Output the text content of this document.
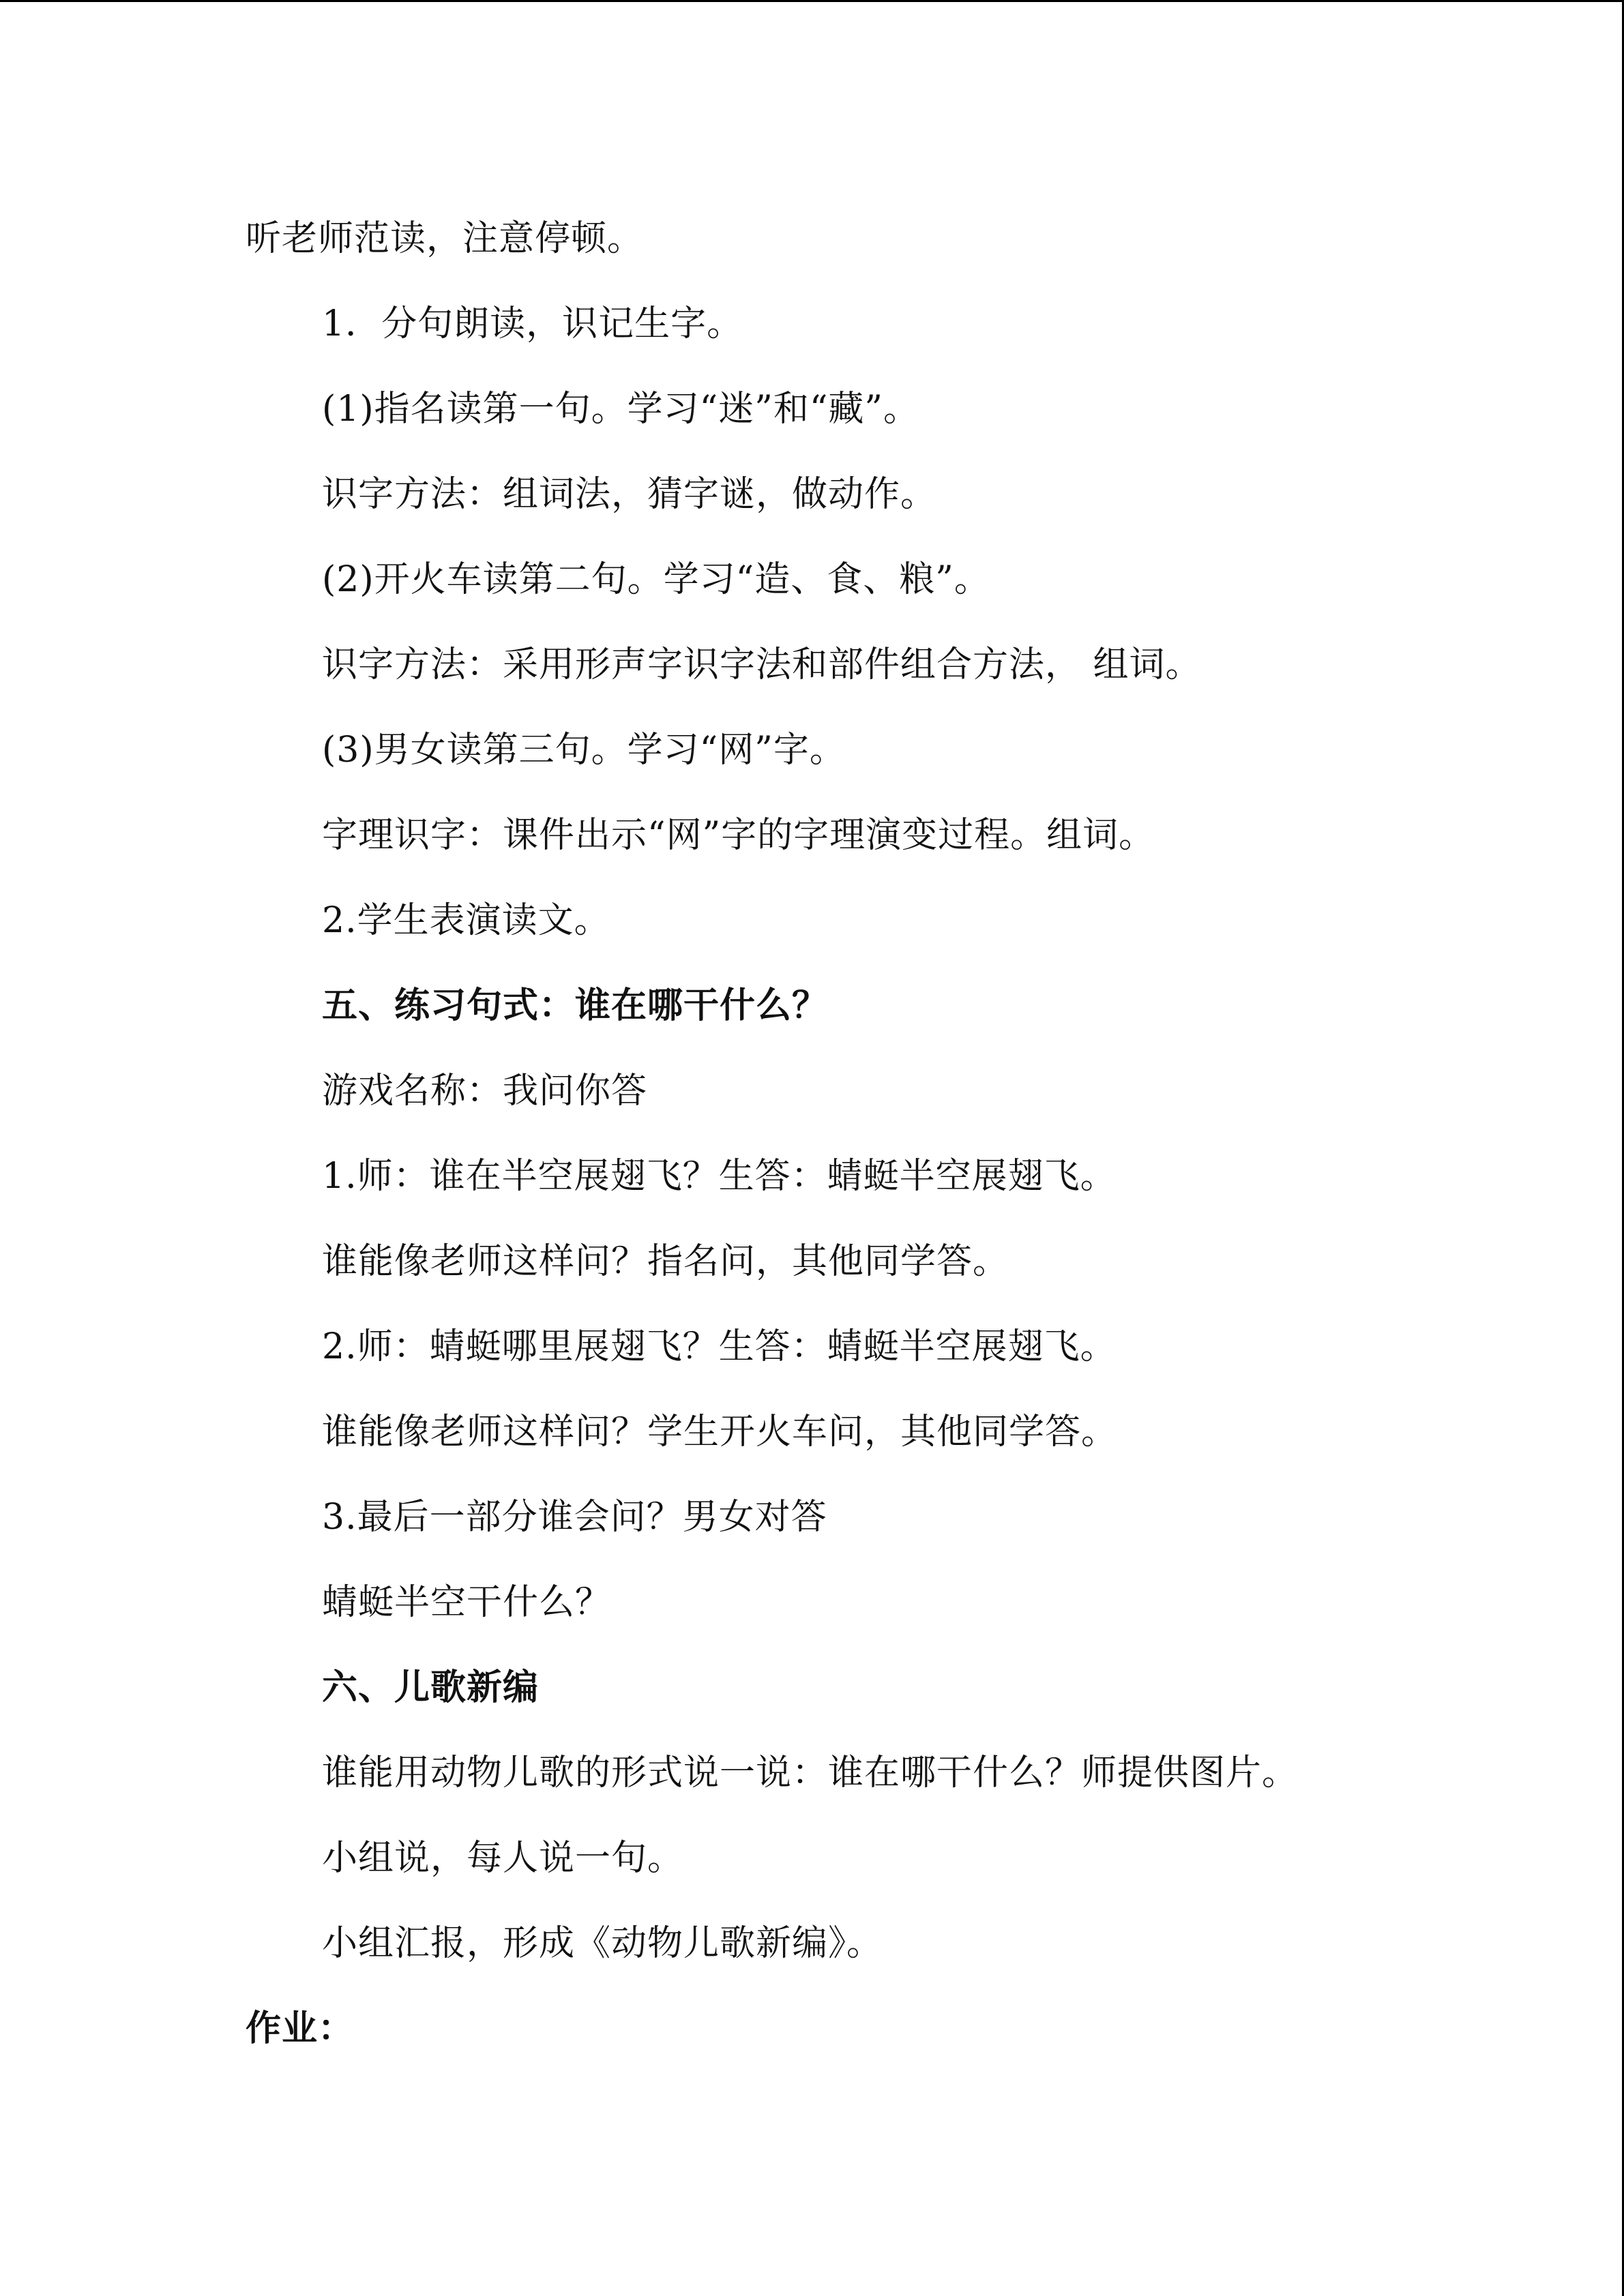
听老师范读，注意停顿。
1．分句朗读，识记生字。
(1)指名读第一句。学习“迷”和“藏”。
识字方法：组词法，猜字谜，做动作。
(2)开火车读第二句。学习“造、食、粮”。
识字方法：采用形声字识字法和部件组合方法， 组词。
(3)男女读第三句。学习“网”字。
字理识字：课件出示“网”字的字理演变过程。组词。
2.学生表演读文。
五、练习句式：谁在哪干什么？
游戏名称：我问你答
1.师：谁在半空展翅飞？生答：蜻蜓半空展翅飞。
谁能像老师这样问？指名问，其他同学答。
2.师：蜻蜓哪里展翅飞？生答：蜻蜓半空展翅飞。
谁能像老师这样问？学生开火车问，其他同学答。
3.最后一部分谁会问？男女对答
蜻蜓半空干什么？
六、儿歌新编
谁能用动物儿歌的形式说一说：谁在哪干什么？师提供图片。
小组说，每人说一句。
小组汇报，形成《动物儿歌新编》。
作业：
